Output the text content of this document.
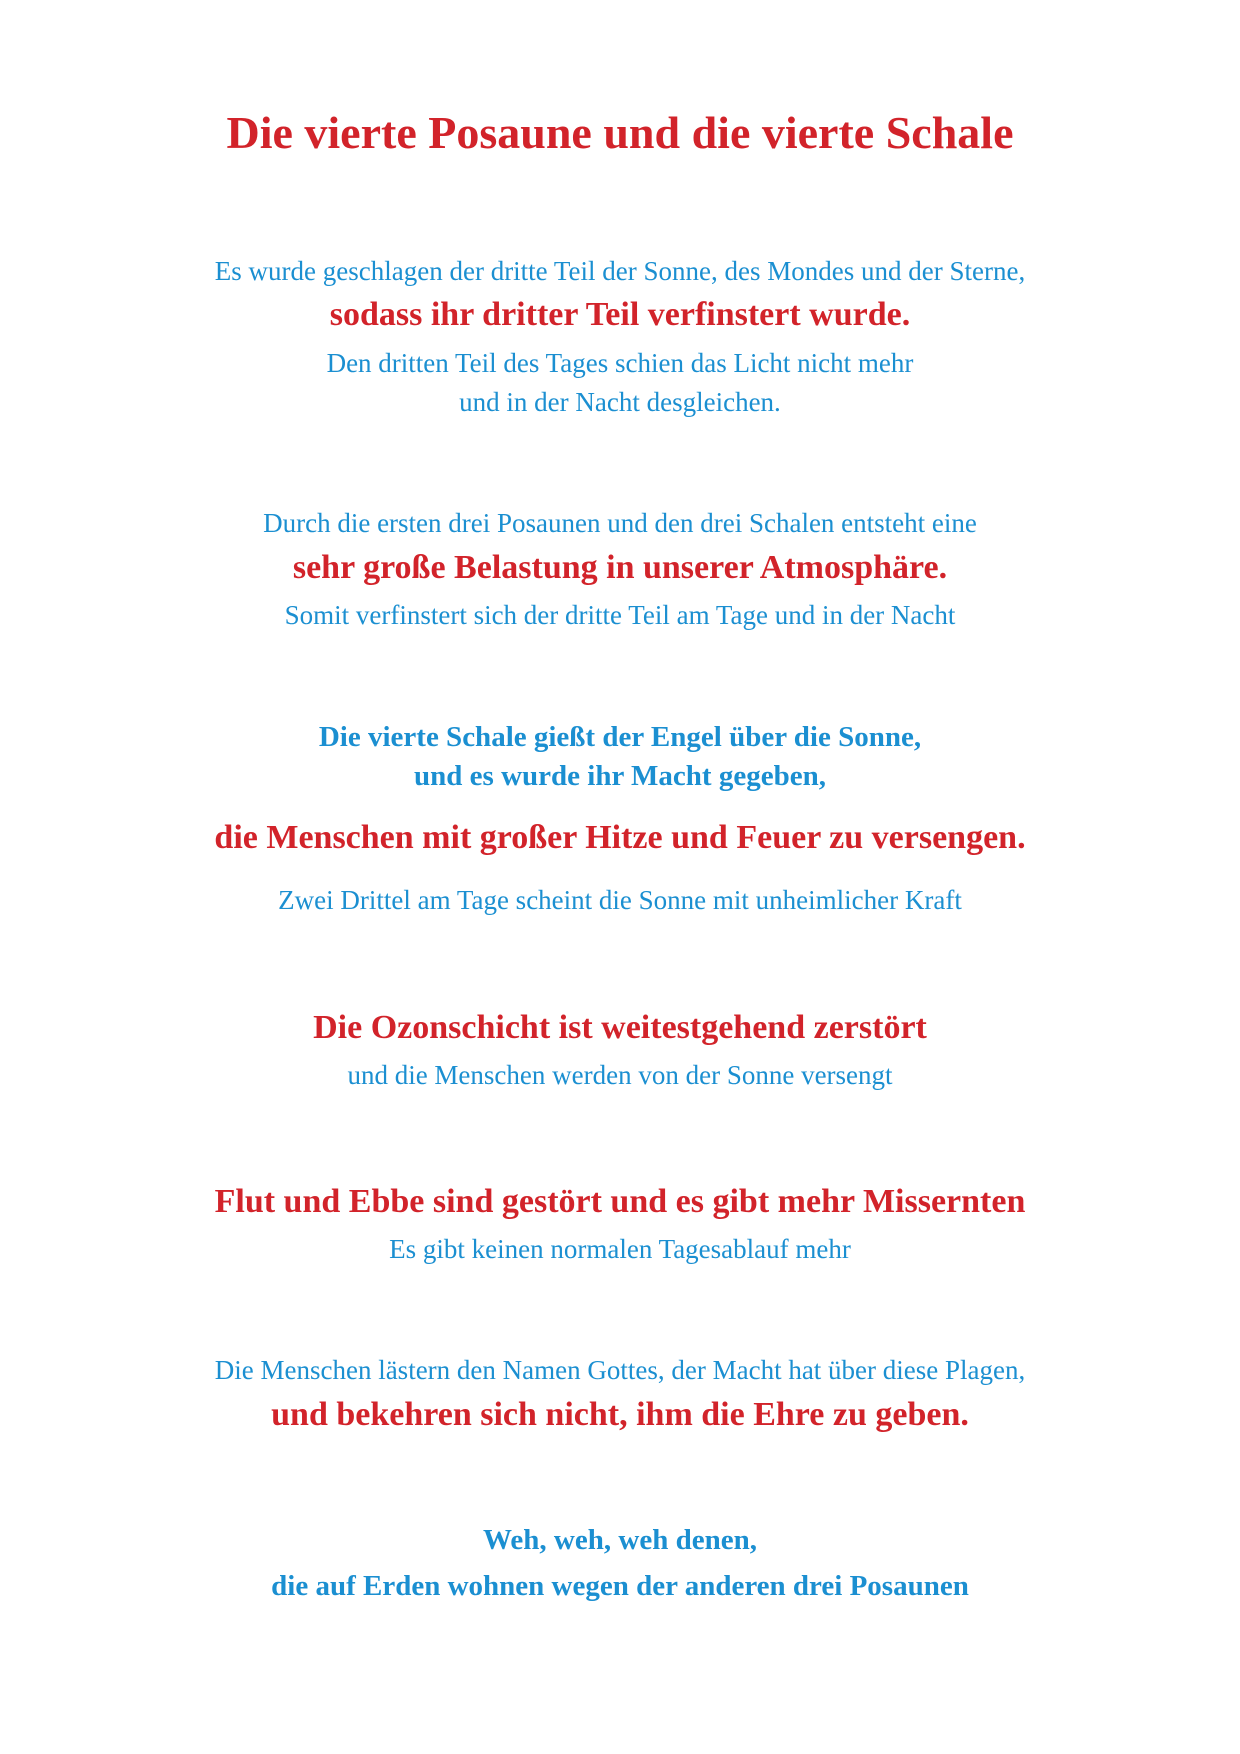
Die vierte Posaune und die vierte Schale
Es wurde geschlagen der dritte Teil der Sonne, des Mondes und der Sterne,
sodass ihr dritter Teil verfinstert wurde.
Den dritten Teil des Tages schien das Licht nicht mehr
und in der Nacht desgleichen.
Durch die ersten drei Posaunen und den drei Schalen entsteht eine
sehr große Belastung in unserer Atmosphäre.
Somit verfinstert sich der dritte Teil am Tage und in der Nacht
Die vierte Schale gießt der Engel über die Sonne,
und es wurde ihr Macht gegeben,
die Menschen mit großer Hitze und Feuer zu versengen.
Zwei Drittel am Tage scheint die Sonne mit unheimlicher Kraft
Die Ozonschicht ist weitestgehend zerstört
und die Menschen werden von der Sonne versengt
Flut und Ebbe sind gestört und es gibt mehr Missernten
Es gibt keinen normalen Tagesablauf mehr
Die Menschen lästern den Namen Gottes, der Macht hat über diese Plagen,
und bekehren sich nicht, ihm die Ehre zu geben.
Weh, weh, weh denen,
die auf Erden wohnen wegen der anderen drei Posaunen
